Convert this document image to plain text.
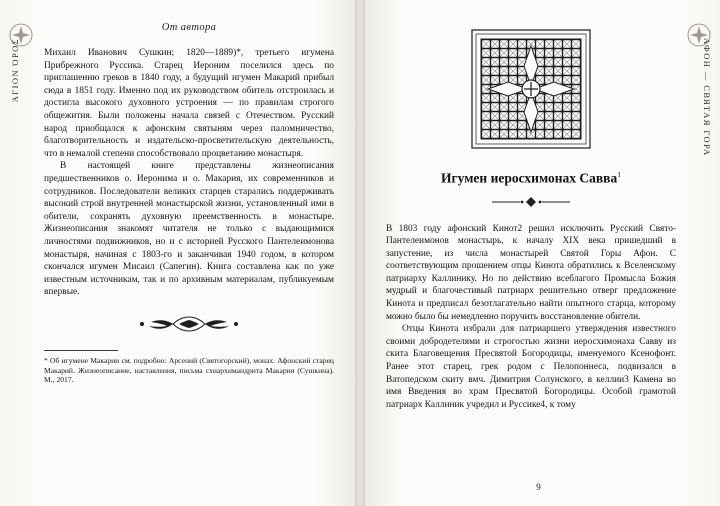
ΆΓΙΟΝ ΌΡΟΣ
От автора

Михаил Иванович Сушкин; 1820—1889)*, третьего игумена Прибрежного Руссика. Старец Иероним поселился здесь по приглашению греков в 1840 году, а будущий игумен Макарий прибыл сюда в 1851 году. Именно под их руководством обитель отстроилась и достигла высокого духовного устроения — по правилам строгого общежития. Были положены начала связей с Отечеством. Русский народ приобщался к афонским святыням через паломничество, благотворительность и издательско-просветительскую деятельность, что в немалой степени способствовало процветанию монастыря.

В настоящей книге представлены жизнеописания предшественников о. Иеронима и о. Макария, их современников и сотрудников. Последователи великих старцев старались поддерживать высокий строй внутренней монастырской жизни, установленный ими в обители, сохранять духовную преемственность в монастыре. Жизнеописания знакомят читателя не только с выдающимися личностями подвижников, но и с историей Русского Пантелеимонова монастыря, начиная с 1803-го и заканчивая 1940 годом, в котором скончался игумен Мисаил (Сапегин). Книга составлена как по уже известным источникам, так и по архивным материалам, публикуемым впервые.

* Об игумене Макарии см. подробно: Арсений (Святогорский), монах. Афонский старец Макарий. Жизнеописание, наставления, письма схиархимандрита Макария (Сушкина). М., 2017.

АФОН — СВЯТАЯ ГОРА
Игумен иеросхимонах Савва$^1$

В 1803 году афонский Кинот2 решил исключить Русский Свято-Пантелеимонов монастырь, к началу XIX века пришедший в запустение, из числа монастырей Святой Горы Афон. С соответствующим прошением отцы Кинота обратились к Вселенскому патриарху Каллинику. Но по действию всеблагого Промысла Божия мудрый и благочестивый патриарх решительно отверг предложение Кинота и предписал безотлагательно найти опытного старца, которому можно было бы немедленно поручить восстановление обители.

Отцы Кинота избрали для патриаршего утверждения известного своими добродетелями и строгостью жизни иеросхимонаха Савву из скита Благовещения Пресвятой Богородицы, именуемого Ксенофонт. Ранее этот старец, грек родом с Пелопоннеса, подвизался в Ватопедском скиту вмч. Димитрия Солунского, в келлии3 Камена во имя Введения во храм Пресвятой Богородицы. Особой грамотой патриарх Каллиник учредил и Руссике4, к тому

9
